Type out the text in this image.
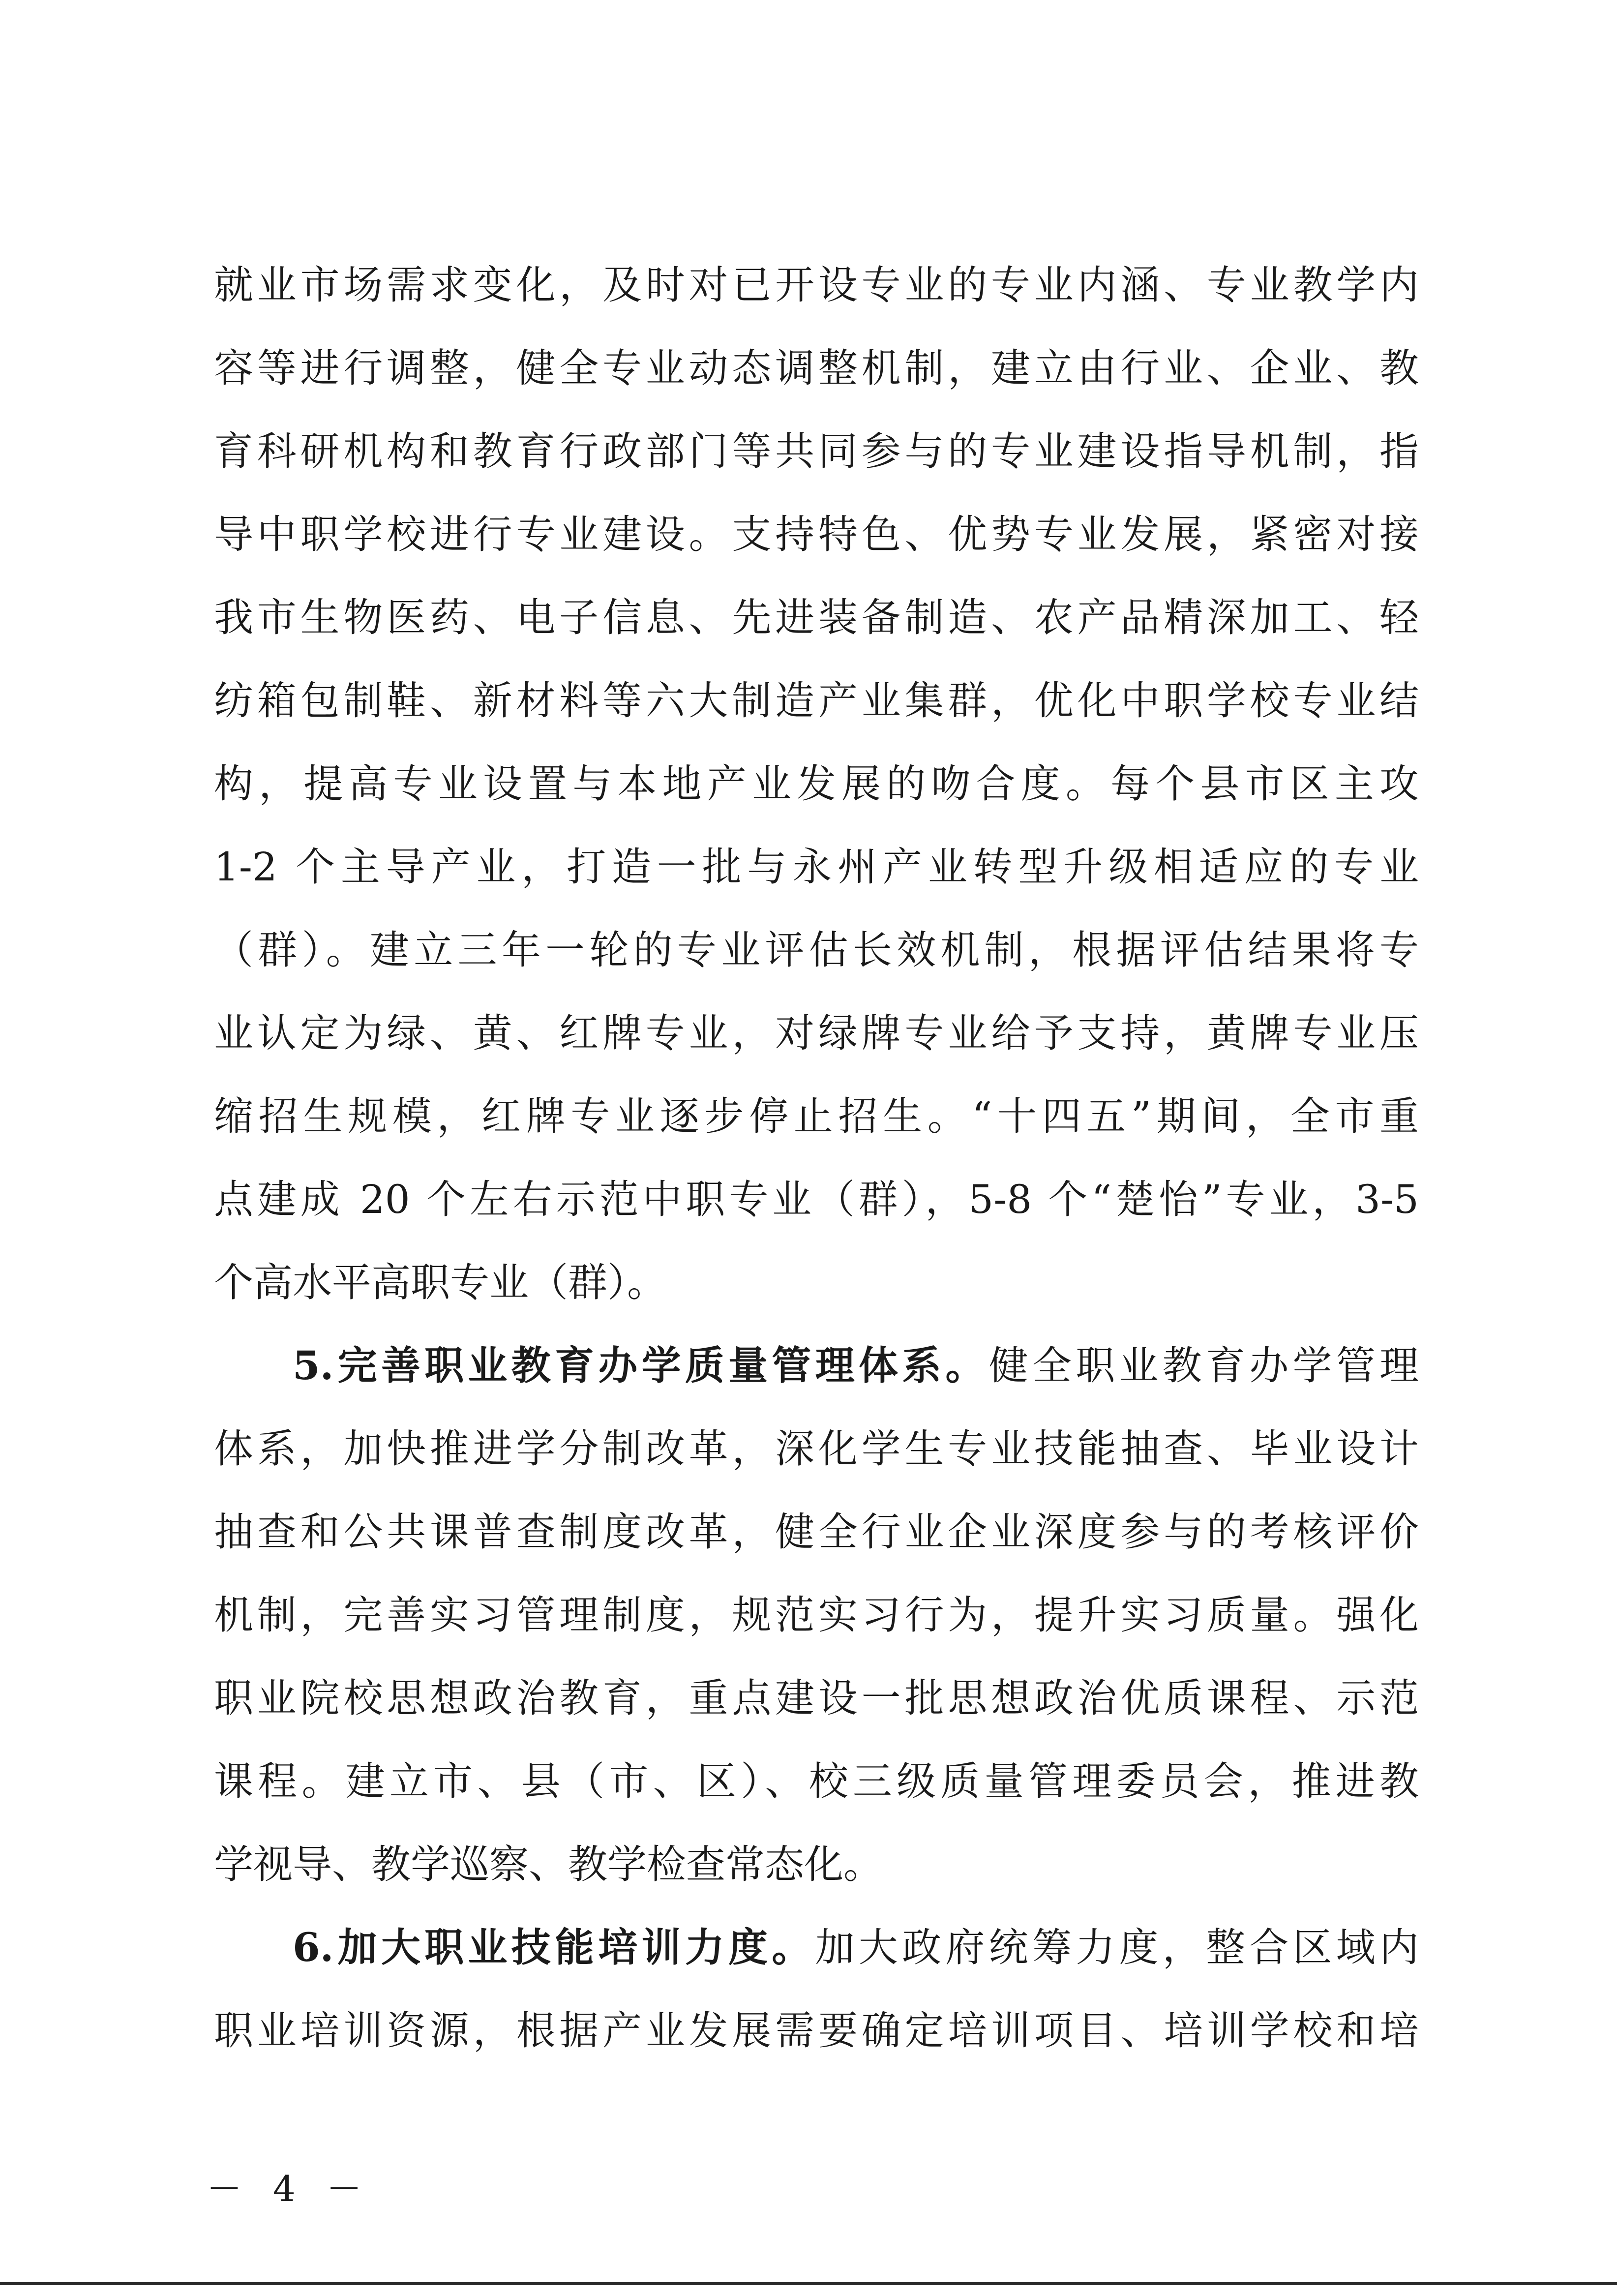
就业市场需求变化，及时对已开设专业的专业内涵、专业教学内
容等进行调整，健全专业动态调整机制，建立由行业、企业、教
育科研机构和教育行政部门等共同参与的专业建设指导机制，指
导中职学校进行专业建设。支持特色、优势专业发展，紧密对接
我市生物医药、电子信息、先进装备制造、农产品精深加工、轻
纺箱包制鞋、新材料等六大制造产业集群，优化中职学校专业结
构，提高专业设置与本地产业发展的吻合度。每个县市区主攻
1-2 个主导产业，打造一批与永州产业转型升级相适应的专业
（群）。建立三年一轮的专业评估长效机制，根据评估结果将专
业认定为绿、黄、红牌专业，对绿牌专业给予支持，黄牌专业压
缩招生规模，红牌专业逐步停止招生。“十四五”期间，全市重
点建成 20 个左右示范中职专业（群），5-8 个“楚怡”专业，3-5
个高水平高职专业（群）。
5.完善职业教育办学质量管理体系。健全职业教育办学管理
体系，加快推进学分制改革，深化学生专业技能抽查、毕业设计
抽查和公共课普查制度改革，健全行业企业深度参与的考核评价
机制，完善实习管理制度，规范实习行为，提升实习质量。强化
职业院校思想政治教育，重点建设一批思想政治优质课程、示范
课程。建立市、县（市、区）、校三级质量管理委员会，推进教
学视导、教学巡察、教学检查常态化。
6.加大职业技能培训力度。加大政府统筹力度，整合区域内
职业培训资源，根据产业发展需要确定培训项目、培训学校和培
－ 4 －
